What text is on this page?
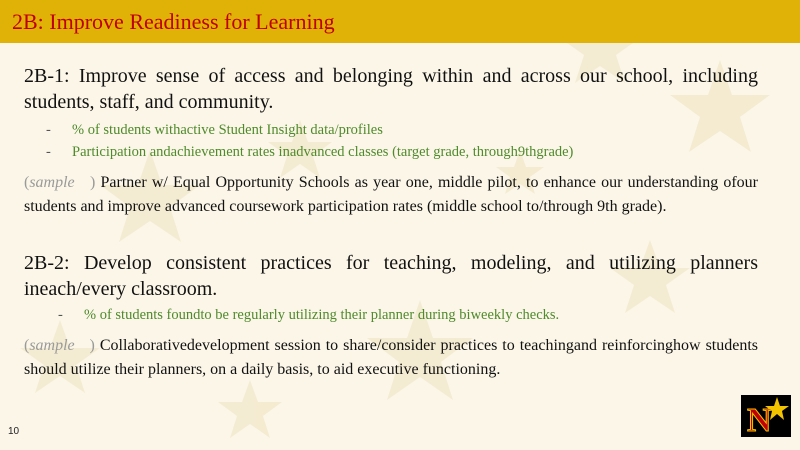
2B: Improve Readiness for Learning
2B-1: Improve sense of access and belonging within and across our school, including students, staff, and community.
- % of students withactive Student Insight data/profiles
- Participation andachievement rates inadvanced classes (target grade, through9thgrade)
(sample   ) Partner w/ Equal Opportunity Schools as year one, middle pilot, to enhance our understanding ofour students and improve advanced coursework participation rates (middle school to/through 9th grade).
2B-2: Develop consistent practices for teaching, modeling, and utilizing planners ineach/every classroom.
- % of students foundto be regularly utilizing their planner during biweekly checks.
(sample   ) Collaborativedevelopment session to share/consider practices to teachingand reinforcinghow students should utilize their planners, on a daily basis, to aid executive functioning.
10	N
